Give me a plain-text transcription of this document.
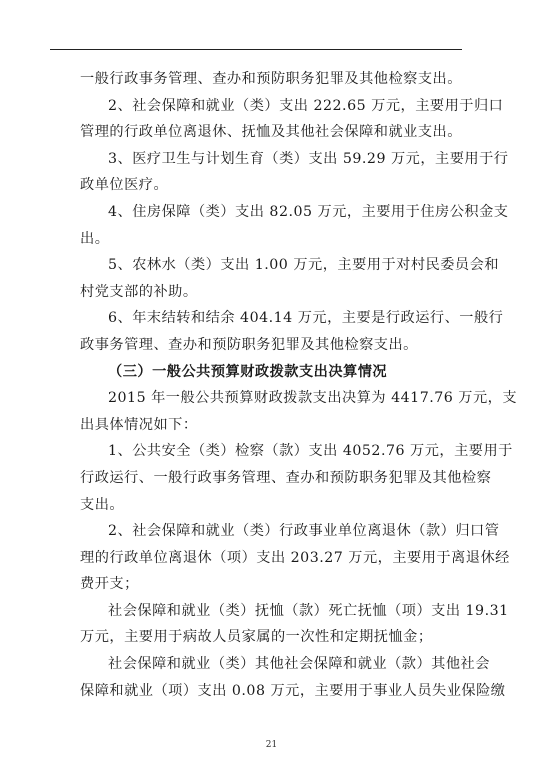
一般行政事务管理、查办和预防职务犯罪及其他检察支出。
2、社会保障和就业（类）支出 222.65 万元，主要用于归口
管理的行政单位离退休、抚恤及其他社会保障和就业支出。
3、医疗卫生与计划生育（类）支出 59.29 万元，主要用于行
政单位医疗。
4、住房保障（类）支出 82.05 万元，主要用于住房公积金支
出。
5、农林水（类）支出 1.00 万元，主要用于对村民委员会和
村党支部的补助。
6、年末结转和结余 404.14 万元，主要是行政运行、一般行
政事务管理、查办和预防职务犯罪及其他检察支出。
（三）一般公共预算财政拨款支出决算情况
2015 年一般公共预算财政拨款支出决算为 4417.76 万元，支
出具体情况如下：
1、公共安全（类）检察（款）支出 4052.76 万元，主要用于
行政运行、一般行政事务管理、查办和预防职务犯罪及其他检察
支出。
2、社会保障和就业（类）行政事业单位离退休（款）归口管
理的行政单位离退休（项）支出 203.27 万元，主要用于离退休经
费开支；
社会保障和就业（类）抚恤（款）死亡抚恤（项）支出 19.31
万元，主要用于病故人员家属的一次性和定期抚恤金；
社会保障和就业（类）其他社会保障和就业（款）其他社会
保障和就业（项）支出 0.08 万元，主要用于事业人员失业保险缴
21
